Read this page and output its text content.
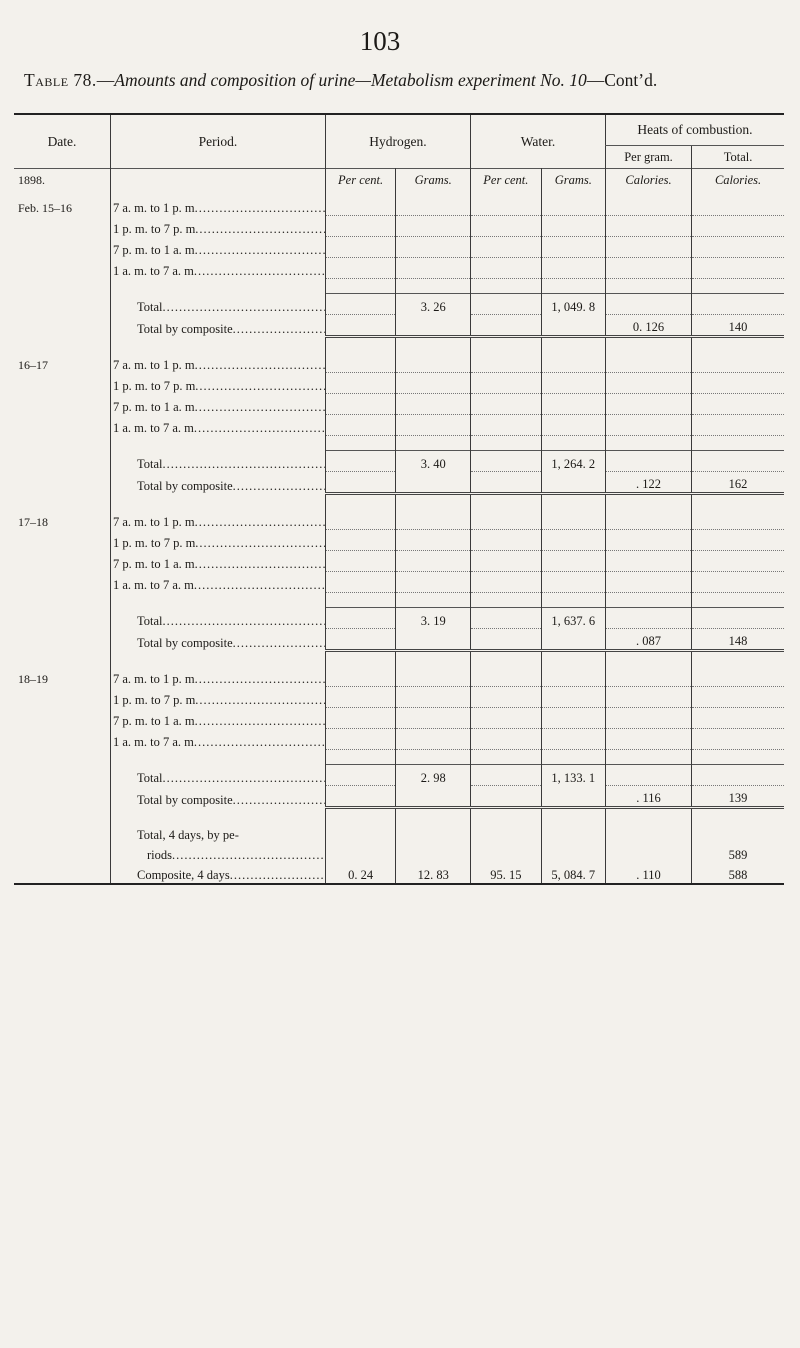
103
Table 78.—Amounts and composition of urine—Metabolism experiment No. 10—Cont’d.
Date.	Period.	Hydrogen.		Water.		Heats of combustion.	
						Per gram.	Total.
1898.		Per cent.	Grams.	Per cent.	Grams.	Calories.	Calories.
Feb. 15–16	7 a. m. to 1 p. m .....						
	1 p. m. to 7 p. m .....						
	7 p. m. to 1 a. m .....						
	1 a. m. to 7 a. m .....						

	Total .....		3. 26		1, 049. 8		
	Total by composite .....					0. 126	140

16–17	7 a. m. to 1 p. m .....						
	1 p. m. to 7 p. m .....						
	7 p. m. to 1 a. m .....						
	1 a. m. to 7 a. m .....						

	Total .....		3. 40		1, 264. 2		
	Total by composite .....					. 122	162

17–18	7 a. m. to 1 p. m .....						
	1 p. m. to 7 p. m .....						
	7 p. m. to 1 a. m .....						
	1 a. m. to 7 a. m .....						

	Total .....		3. 19		1, 637. 6		
	Total by composite .....					. 087	148

18–19	7 a. m. to 1 p. m .....						
	1 p. m. to 7 p. m .....						
	7 p. m. to 1 a. m .....						
	1 a. m. to 7 a. m .....						

	Total .....		2. 98		1, 133. 1		
	Total by composite .....					. 116	139

	Total, 4 days, by pe-						
	riods .....						589
	Composite, 4 days .....	0. 24	12. 83	95. 15	5, 084. 7	. 110	588
